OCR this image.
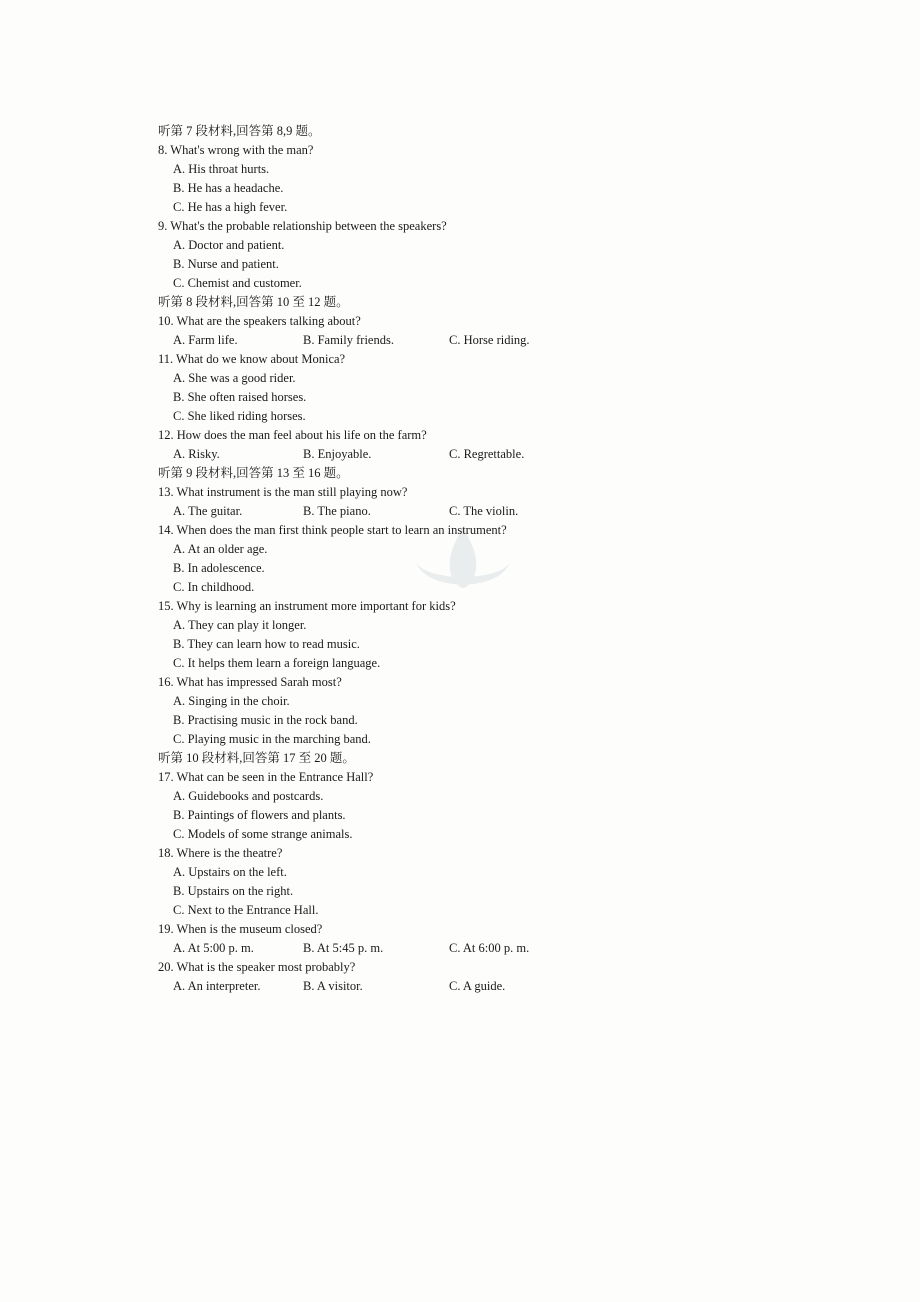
听第 7 段材料,回答第 8,9 题。
8. What's wrong with the man?
A. His throat hurts.
B. He has a headache.
C. He has a high fever.
9. What's the probable relationship between the speakers?
A. Doctor and patient.
B. Nurse and patient.
C. Chemist and customer.
听第 8 段材料,回答第 10 至 12 题。
10. What are the speakers talking about?
A. Farm life.	B. Family friends.	C. Horse riding.
11. What do we know about Monica?
A. She was a good rider.
B. She often raised horses.
C. She liked riding horses.
12. How does the man feel about his life on the farm?
A. Risky.	B. Enjoyable.	C. Regrettable.
听第 9 段材料,回答第 13 至 16 题。
13. What instrument is the man still playing now?
A. The guitar.	B. The piano.	C. The violin.
14. When does the man first think people start to learn an instrument?
A. At an older age.
B. In adolescence.
C. In childhood.
15. Why is learning an instrument more important for kids?
A. They can play it longer.
B. They can learn how to read music.
C. It helps them learn a foreign language.
16. What has impressed Sarah most?
A. Singing in the choir.
B. Practising music in the rock band.
C. Playing music in the marching band.
听第 10 段材料,回答第 17 至 20 题。
17. What can be seen in the Entrance Hall?
A. Guidebooks and postcards.
B. Paintings of flowers and plants.
C. Models of some strange animals.
18. Where is the theatre?
A. Upstairs on the left.
B. Upstairs on the right.
C. Next to the Entrance Hall.
19. When is the museum closed?
A. At 5:00 p. m.	B. At 5:45 p. m.	C. At 6:00 p. m.
20. What is the speaker most probably?
A. An interpreter.	B. A visitor.	C. A guide.
